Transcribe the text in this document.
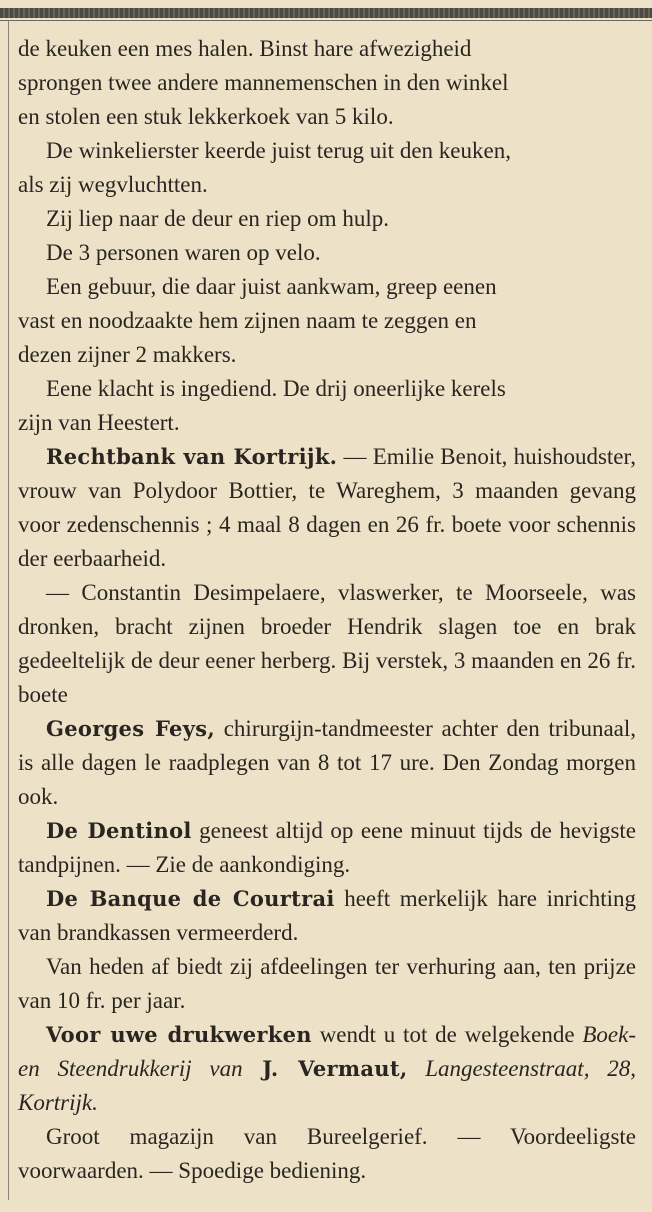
de keuken een mes halen. Binst hare afwezigheid
sprongen twee andere mannemenschen in den winkel
en stolen een stuk lekkerkoek van 5 kilo.

De winkelierster keerde juist terug uit den keuken,
als zij wegvluchtten.

Zij liep naar de deur en riep om hulp.

De 3 personen waren op velo.

Een gebuur, die daar juist aankwam, greep eenen
vast en noodzaakte hem zijnen naam te zeggen en
dezen zijner 2 makkers.

Eene klacht is ingediend. De drij oneerlijke kerels
zijn van Heestert.

Rechtbank van Kortrijk. — Emilie Benoit, huishoudster, vrouw van Polydoor Bottier, te Wareghem, 3 maanden gevang voor zedenschennis ; 4 maal 8 dagen en 26 fr. boete voor schennis der eerbaarheid.

— Constantin Desimpelaere, vlaswerker, te Moorseele, was dronken, bracht zijnen broeder Hendrik slagen toe en brak gedeeltelijk de deur eener herberg. Bij verstek, 3 maanden en 26 fr. boete

Georges Feys, chirurgijn-tandmeester achter den tribunaal, is alle dagen le raadplegen van 8 tot 17 ure. Den Zondag morgen ook.

De Dentinol geneest altijd op eene minuut tijds de hevigste tandpijnen. — Zie de aankondiging.

De Banque de Courtrai heeft merkelijk hare inrichting van brandkassen vermeerderd.

Van heden af biedt zij afdeelingen ter verhuring aan, ten prijze van 10 fr. per jaar.

Voor uwe drukwerken wendt u tot de welgekende Boek- en Steendrukkerij van J. Vermaut, Langesteenstraat, 28, Kortrijk.

Groot magazijn van Bureelgerief. — Voordeeligste voorwaarden. — Spoedige bediening.
